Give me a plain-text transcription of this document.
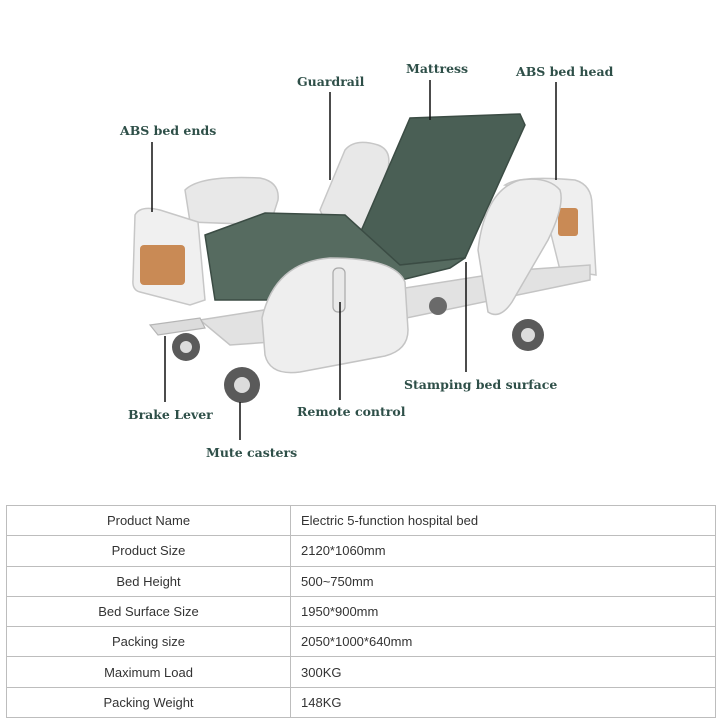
Guardrail
Mattress	ABS bed head
ABS bed ends
Stamping bed surface
Brake Lever	Remote control
Mute casters
Product Name	Electric 5-function hospital bed
Product Size	2120*1060mm
Bed Height	500~750mm
Bed Surface Size	1950*900mm
Packing size	2050*1000*640mm
Maximum Load	300KG
Packing Weight	148KG
